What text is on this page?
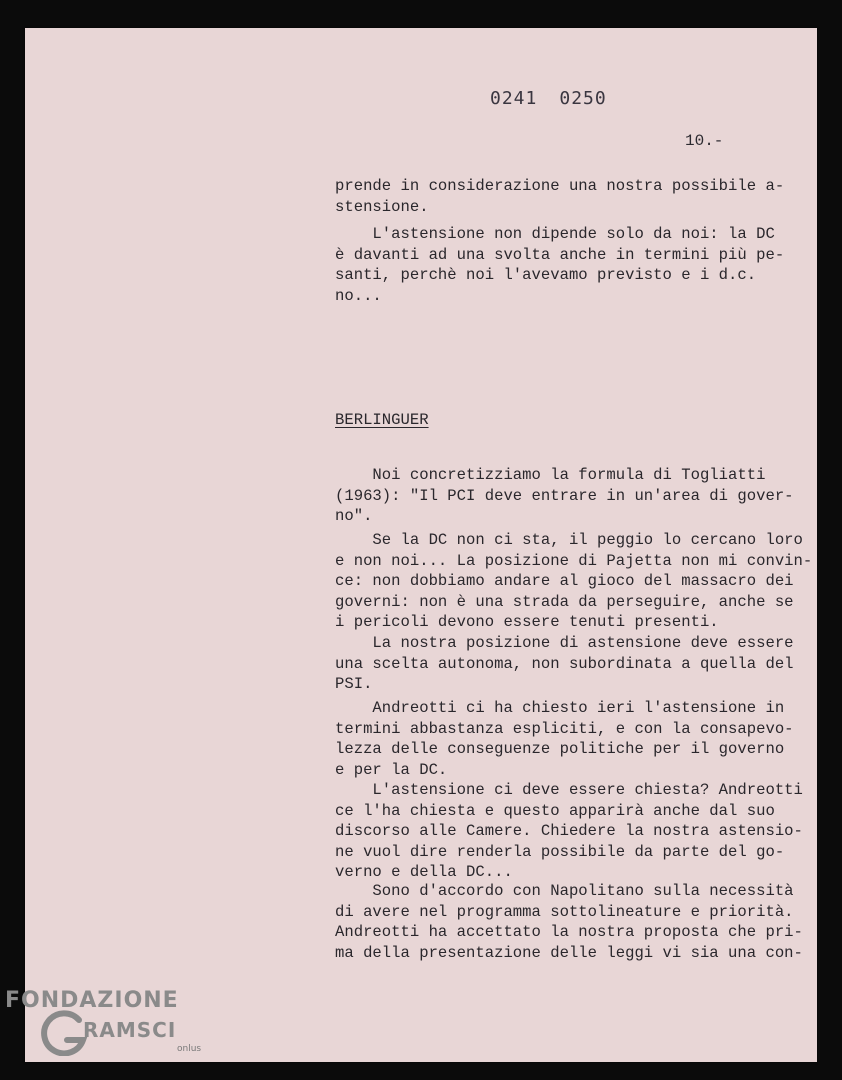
0241 0250
10.-
prende in considerazione una nostra possibile a-
stensione.
L'astensione non dipende solo da noi: la DC
è davanti ad una svolta anche in termini più pe-
santi, perchè noi l'avevamo previsto e i d.c.
no...
BERLINGUER
Noi concretizziamo la formula di Togliatti
(1963): "Il PCI deve entrare in un'area di gover-
no".
Se la DC non ci sta, il peggio lo cercano loro
e non noi... La posizione di Pajetta non mi convin-
ce: non dobbiamo andare al gioco del massacro dei
governi: non è una strada da perseguire, anche se
i pericoli devono essere tenuti presenti.
La nostra posizione di astensione deve essere
una scelta autonoma, non subordinata a quella del
PSI.
Andreotti ci ha chiesto ieri l'astensione in
termini abbastanza espliciti, e con la consapevo-
lezza delle conseguenze politiche per il governo
e per la DC.
L'astensione ci deve essere chiesta? Andreotti
ce l'ha chiesta e questo apparirà anche dal suo
discorso alle Camere. Chiedere la nostra astensio-
ne vuol dire renderla possibile da parte del go-
verno e della DC...
Sono d'accordo con Napolitano sulla necessità
di avere nel programma sottolineature e priorità.
Andreotti ha accettato la nostra proposta che pri-
ma della presentazione delle leggi vi sia una con-
FONDAZIONE
RAMSCI
onlus
